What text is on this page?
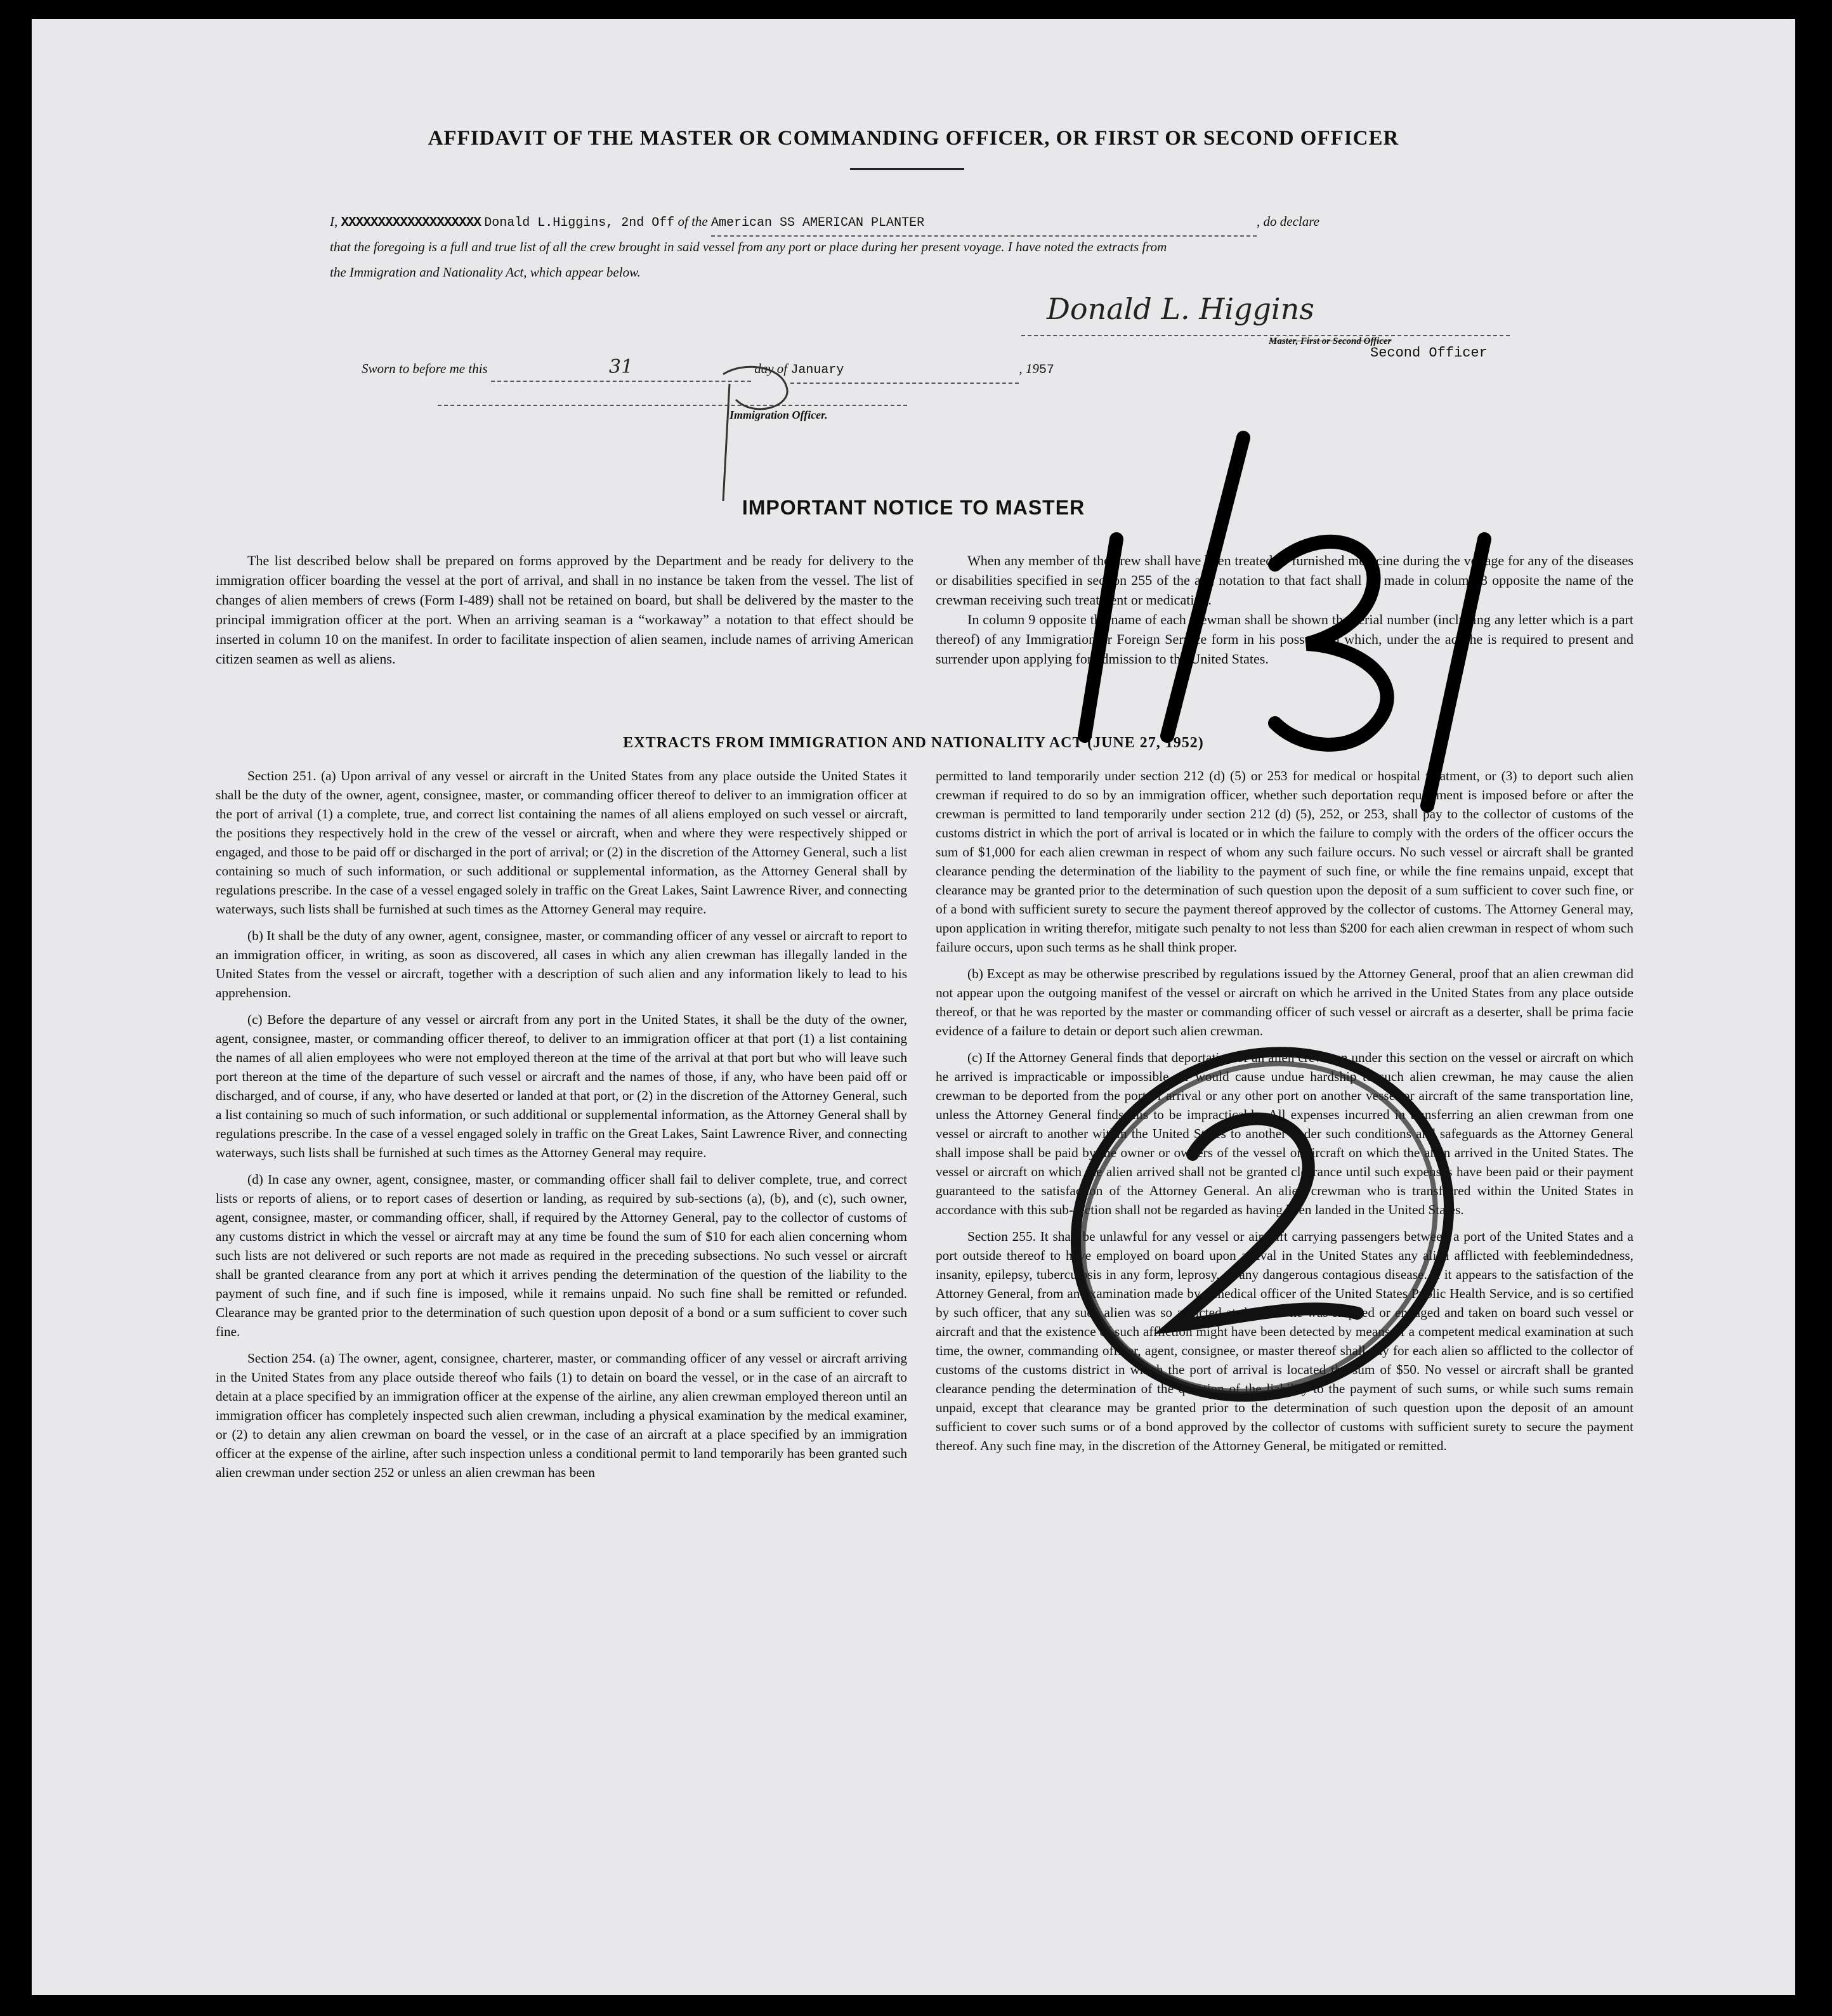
AFFIDAVIT OF THE MASTER OR COMMANDING OFFICER, OR FIRST OR SECOND OFFICER
I, XXXXXXXXXXXXXXXXXXX Donald L.Higgins, 2nd Off of the American SS AMERICAN PLANTER	, do declare
that the foregoing is a full and true list of all the crew brought in said vessel from any port or place during her present voyage. I have noted the extracts from
the Immigration and Nationality Act, which appear below.
Donald L. Higgins
Master, First or Second Officer
Second Officer
Sworn to before me this	31	day of January	, 1957
Immigration Officer.
IMPORTANT NOTICE TO MASTER

The list described below shall be prepared on forms approved by the Department and be ready for delivery to the immigration officer boarding the vessel at the port of arrival, and shall in no instance be taken from the vessel. The list of changes of alien members of crews (Form I-489) shall not be retained on board, but shall be delivered by the master to the principal immigration officer at the port. When an arriving seaman is a “workaway” a notation to that effect should be inserted in column 10 on the manifest. In order to facilitate inspection of alien seamen, include names of arriving American citizen seamen as well as aliens.

When any member of the crew shall have been treated or furnished medicine during the voyage for any of the diseases or disabilities specified in section 255 of the act, notation to that fact shall be made in column 8 opposite the name of the crewman receiving such treatment or medication.

In column 9 opposite the name of each crewman shall be shown the serial number (including any letter which is a part thereof) of any Immigration or Foreign Service form in his possession which, under the act, he is required to present and surrender upon applying for admission to the United States.

EXTRACTS FROM IMMIGRATION AND NATIONALITY ACT (JUNE 27, 1952)

Section 251. (a) Upon arrival of any vessel or aircraft in the United States from any place outside the United States it shall be the duty of the owner, agent, consignee, master, or commanding officer thereof to deliver to an immigration officer at the port of arrival (1) a complete, true, and correct list containing the names of all aliens employed on such vessel or aircraft, the positions they respectively hold in the crew of the vessel or aircraft, when and where they were respectively shipped or engaged, and those to be paid off or discharged in the port of arrival; or (2) in the discretion of the Attorney General, such a list containing so much of such information, or such additional or supplemental information, as the Attorney General shall by regulations prescribe. In the case of a vessel engaged solely in traffic on the Great Lakes, Saint Lawrence River, and connecting waterways, such lists shall be furnished at such times as the Attorney General may require.

(b) It shall be the duty of any owner, agent, consignee, master, or commanding officer of any vessel or aircraft to report to an immigration officer, in writing, as soon as discovered, all cases in which any alien crewman has illegally landed in the United States from the vessel or aircraft, together with a description of such alien and any information likely to lead to his apprehension.

(c) Before the departure of any vessel or aircraft from any port in the United States, it shall be the duty of the owner, agent, consignee, master, or commanding officer thereof, to deliver to an immigration officer at that port (1) a list containing the names of all alien employees who were not employed thereon at the time of the arrival at that port but who will leave such port thereon at the time of the departure of such vessel or aircraft and the names of those, if any, who have been paid off or discharged, and of course, if any, who have deserted or landed at that port, or (2) in the discretion of the Attorney General, such a list containing so much of such information, or such additional or supplemental information, as the Attorney General shall by regulations prescribe. In the case of a vessel engaged solely in traffic on the Great Lakes, Saint Lawrence River, and connecting waterways, such lists shall be furnished at such times as the Attorney General may require.

(d) In case any owner, agent, consignee, master, or commanding officer shall fail to deliver complete, true, and correct lists or reports of aliens, or to report cases of desertion or landing, as required by sub-sections (a), (b), and (c), such owner, agent, consignee, master, or commanding officer, shall, if required by the Attorney General, pay to the collector of customs of any customs district in which the vessel or aircraft may at any time be found the sum of $10 for each alien concerning whom such lists are not delivered or such reports are not made as required in the preceding subsections. No such vessel or aircraft shall be granted clearance from any port at which it arrives pending the determination of the question of the liability to the payment of such fine, and if such fine is imposed, while it remains unpaid. No such fine shall be remitted or refunded. Clearance may be granted prior to the determination of such question upon deposit of a bond or a sum sufficient to cover such fine.

Section 254. (a) The owner, agent, consignee, charterer, master, or commanding officer of any vessel or aircraft arriving in the United States from any place outside thereof who fails (1) to detain on board the vessel, or in the case of an aircraft to detain at a place specified by an immigration officer at the expense of the airline, any alien crewman employed thereon until an immigration officer has completely inspected such alien crewman, including a physical examination by the medical examiner, or (2) to detain any alien crewman on board the vessel, or in the case of an aircraft at a place specified by an immigration officer at the expense of the airline, after such inspection unless a conditional permit to land temporarily has been granted such alien crewman under section 252 or unless an alien crewman has been

permitted to land temporarily under section 212 (d) (5) or 253 for medical or hospital treatment, or (3) to deport such alien crewman if required to do so by an immigration officer, whether such deportation requirement is imposed before or after the crewman is permitted to land temporarily under section 212 (d) (5), 252, or 253, shall pay to the collector of customs of the customs district in which the port of arrival is located or in which the failure to comply with the orders of the officer occurs the sum of $1,000 for each alien crewman in respect of whom any such failure occurs. No such vessel or aircraft shall be granted clearance pending the determination of the liability to the payment of such fine, or while the fine remains unpaid, except that clearance may be granted prior to the determination of such question upon the deposit of a sum sufficient to cover such fine, or of a bond with sufficient surety to secure the payment thereof approved by the collector of customs. The Attorney General may, upon application in writing therefor, mitigate such penalty to not less than $200 for each alien crewman in respect of whom such failure occurs, upon such terms as he shall think proper.

(b) Except as may be otherwise prescribed by regulations issued by the Attorney General, proof that an alien crewman did not appear upon the outgoing manifest of the vessel or aircraft on which he arrived in the United States from any place outside thereof, or that he was reported by the master or commanding officer of such vessel or aircraft as a deserter, shall be prima facie evidence of a failure to detain or deport such alien crewman.

(c) If the Attorney General finds that deportation of an alien crewman under this section on the vessel or aircraft on which he arrived is impracticable or impossible, or would cause undue hardship to such alien crewman, he may cause the alien crewman to be deported from the port of arrival or any other port on another vessel or aircraft of the same transportation line, unless the Attorney General finds this to be impracticable. All expenses incurred in transferring an alien crewman from one vessel or aircraft to another within the United States to another under such conditions and safeguards as the Attorney General shall impose shall be paid by the owner or owners of the vessel or aircraft on which the alien arrived in the United States. The vessel or aircraft on which the alien arrived shall not be granted clearance until such expenses have been paid or their payment guaranteed to the satisfaction of the Attorney General. An alien crewman who is transferred within the United States in accordance with this sub-section shall not be regarded as having been landed in the United States.

Section 255. It shall be unlawful for any vessel or aircraft carrying passengers between a port of the United States and a port outside thereof to have employed on board upon arrival in the United States any alien afflicted with feeblemindedness, insanity, epilepsy, tuberculosis in any form, leprosy, or any dangerous contagious disease. If it appears to the satisfaction of the Attorney General, from an examination made by a medical officer of the United States Public Health Service, and is so certified by such officer, that any such alien was so afflicted at the time he was shipped or engaged and taken on board such vessel or aircraft and that the existence of such affliction might have been detected by means of a competent medical examination at such time, the owner, commanding officer, agent, consignee, or master thereof shall pay for each alien so afflicted to the collector of customs of the customs district in which the port of arrival is located the sum of $50. No vessel or aircraft shall be granted clearance pending the determination of the question of the liability to the payment of such sums, or while such sums remain unpaid, except that clearance may be granted prior to the determination of such question upon the deposit of an amount sufficient to cover such sums or of a bond approved by the collector of customs with sufficient surety to secure the payment thereof. Any such fine may, in the discretion of the Attorney General, be mitigated or remitted.
